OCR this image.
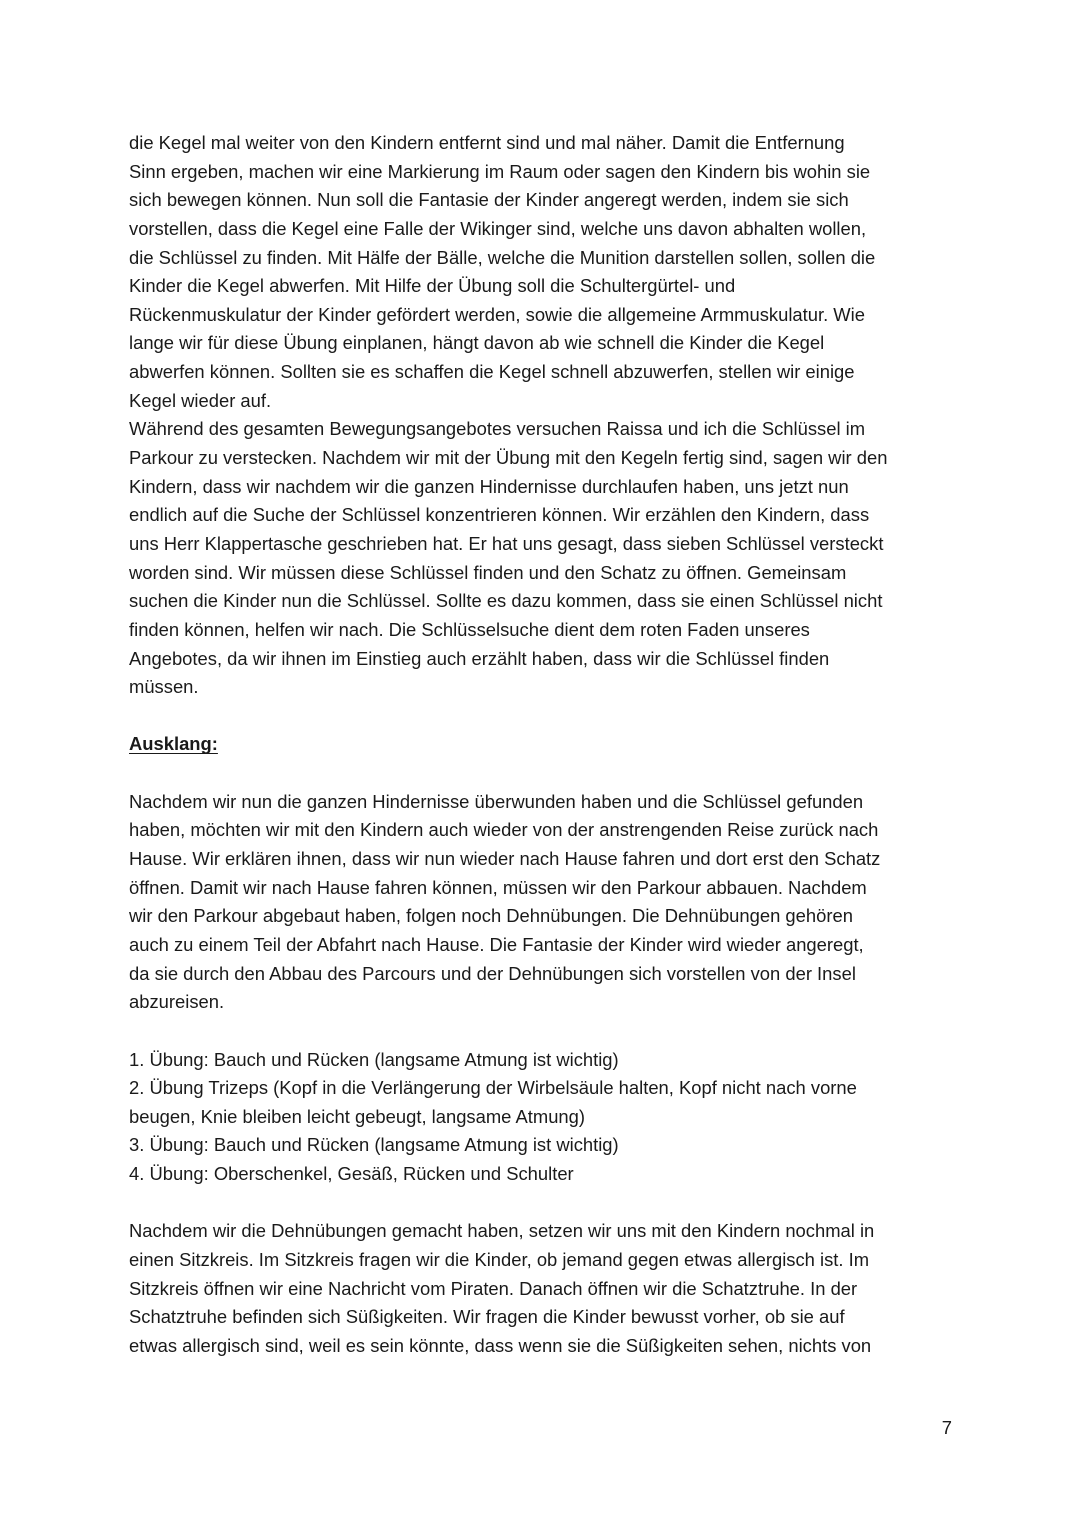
die Kegel mal weiter von den Kindern entfernt sind und mal näher. Damit die Entfernung
Sinn ergeben, machen wir eine Markierung im Raum oder sagen den Kindern bis wohin sie
sich bewegen können. Nun soll die Fantasie der Kinder angeregt werden, indem sie sich
vorstellen, dass die Kegel eine Falle der Wikinger sind, welche uns davon abhalten wollen,
die Schlüssel zu finden. Mit Hälfe der Bälle, welche die Munition darstellen sollen, sollen die
Kinder die Kegel abwerfen. Mit Hilfe der Übung soll die Schultergürtel- und
Rückenmuskulatur der Kinder gefördert werden, sowie die allgemeine Armmuskulatur. Wie
lange wir für diese Übung einplanen, hängt davon ab wie schnell die Kinder die Kegel
abwerfen können. Sollten sie es schaffen die Kegel schnell abzuwerfen, stellen wir einige
Kegel wieder auf.
Während des gesamten Bewegungsangebotes versuchen Raissa und ich die Schlüssel im
Parkour zu verstecken. Nachdem wir mit der Übung mit den Kegeln fertig sind, sagen wir den
Kindern, dass wir nachdem wir die ganzen Hindernisse durchlaufen haben, uns jetzt nun
endlich auf die Suche der Schlüssel konzentrieren können. Wir erzählen den Kindern, dass
uns Herr Klappertasche geschrieben hat. Er hat uns gesagt, dass sieben Schlüssel versteckt
worden sind. Wir müssen diese Schlüssel finden und den Schatz zu öffnen. Gemeinsam
suchen die Kinder nun die Schlüssel. Sollte es dazu kommen, dass sie einen Schlüssel nicht
finden können, helfen wir nach. Die Schlüsselsuche dient dem roten Faden unseres
Angebotes, da wir ihnen im Einstieg auch erzählt haben, dass wir die Schlüssel finden
müssen.
Ausklang:
Nachdem wir nun die ganzen Hindernisse überwunden haben und die Schlüssel gefunden
haben, möchten wir mit den Kindern auch wieder von der anstrengenden Reise zurück nach
Hause. Wir erklären ihnen, dass wir nun wieder nach Hause fahren und dort erst den Schatz
öffnen. Damit wir nach Hause fahren können, müssen wir den Parkour abbauen. Nachdem
wir den Parkour abgebaut haben, folgen noch Dehnübungen. Die Dehnübungen gehören
auch zu einem Teil der Abfahrt nach Hause. Die Fantasie der Kinder wird wieder angeregt,
da sie durch den Abbau des Parcours und der Dehnübungen sich vorstellen von der Insel
abzureisen.
1. Übung: Bauch und Rücken (langsame Atmung ist wichtig)
2. Übung Trizeps (Kopf in die Verlängerung der Wirbelsäule halten, Kopf nicht nach vorne
beugen, Knie bleiben leicht gebeugt, langsame Atmung)
3. Übung: Bauch und Rücken (langsame Atmung ist wichtig)
4. Übung: Oberschenkel, Gesäß, Rücken und Schulter
Nachdem wir die Dehnübungen gemacht haben, setzen wir uns mit den Kindern nochmal in
einen Sitzkreis. Im Sitzkreis fragen wir die Kinder, ob jemand gegen etwas allergisch ist. Im
Sitzkreis öffnen wir eine Nachricht vom Piraten. Danach öffnen wir die Schatztruhe. In der
Schatztruhe befinden sich Süßigkeiten. Wir fragen die Kinder bewusst vorher, ob sie auf
etwas allergisch sind, weil es sein könnte, dass wenn sie die Süßigkeiten sehen, nichts von
7
